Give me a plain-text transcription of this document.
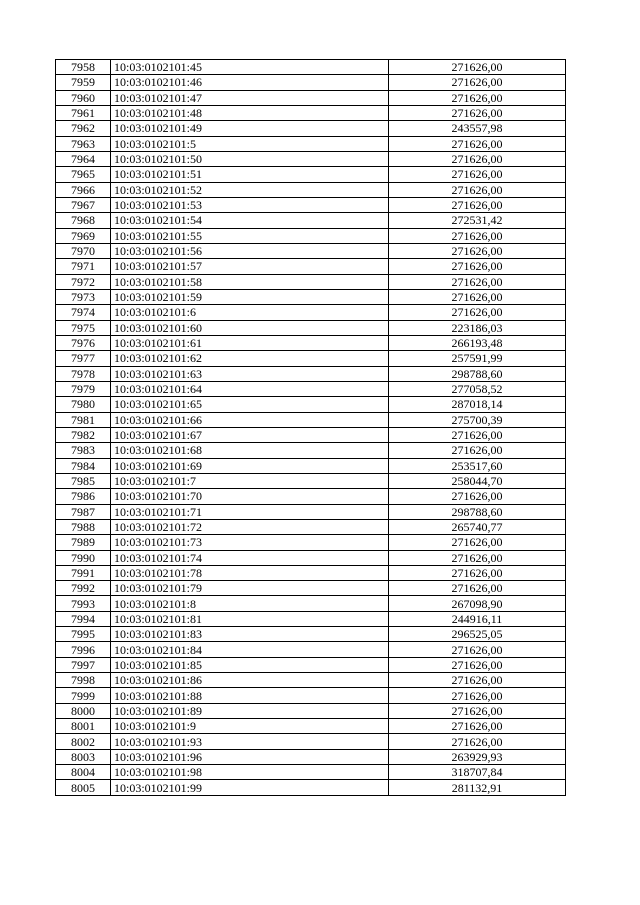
7958	10:03:0102101:45	271626,00
7959	10:03:0102101:46	271626,00
7960	10:03:0102101:47	271626,00
7961	10:03:0102101:48	271626,00
7962	10:03:0102101:49	243557,98
7963	10:03:0102101:5	271626,00
7964	10:03:0102101:50	271626,00
7965	10:03:0102101:51	271626,00
7966	10:03:0102101:52	271626,00
7967	10:03:0102101:53	271626,00
7968	10:03:0102101:54	272531,42
7969	10:03:0102101:55	271626,00
7970	10:03:0102101:56	271626,00
7971	10:03:0102101:57	271626,00
7972	10:03:0102101:58	271626,00
7973	10:03:0102101:59	271626,00
7974	10:03:0102101:6	271626,00
7975	10:03:0102101:60	223186,03
7976	10:03:0102101:61	266193,48
7977	10:03:0102101:62	257591,99
7978	10:03:0102101:63	298788,60
7979	10:03:0102101:64	277058,52
7980	10:03:0102101:65	287018,14
7981	10:03:0102101:66	275700,39
7982	10:03:0102101:67	271626,00
7983	10:03:0102101:68	271626,00
7984	10:03:0102101:69	253517,60
7985	10:03:0102101:7	258044,70
7986	10:03:0102101:70	271626,00
7987	10:03:0102101:71	298788,60
7988	10:03:0102101:72	265740,77
7989	10:03:0102101:73	271626,00
7990	10:03:0102101:74	271626,00
7991	10:03:0102101:78	271626,00
7992	10:03:0102101:79	271626,00
7993	10:03:0102101:8	267098,90
7994	10:03:0102101:81	244916,11
7995	10:03:0102101:83	296525,05
7996	10:03:0102101:84	271626,00
7997	10:03:0102101:85	271626,00
7998	10:03:0102101:86	271626,00
7999	10:03:0102101:88	271626,00
8000	10:03:0102101:89	271626,00
8001	10:03:0102101:9	271626,00
8002	10:03:0102101:93	271626,00
8003	10:03:0102101:96	263929,93
8004	10:03:0102101:98	318707,84
8005	10:03:0102101:99	281132,91
